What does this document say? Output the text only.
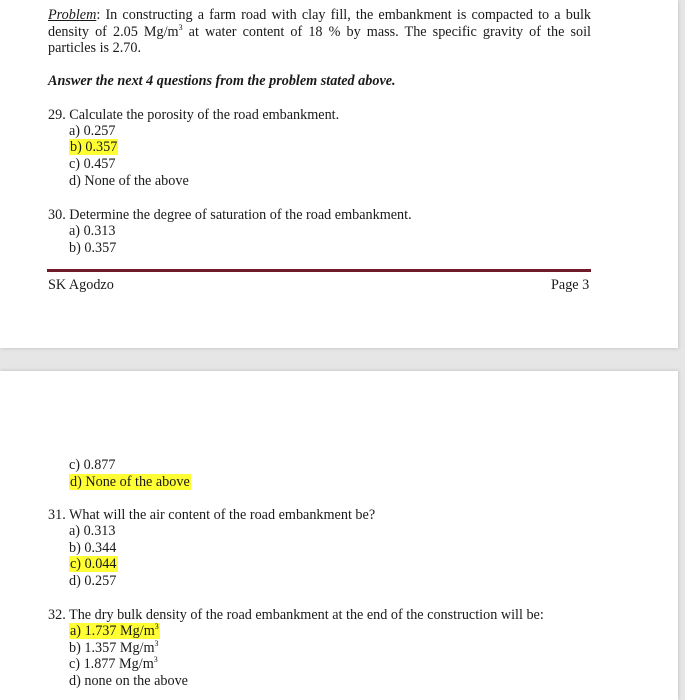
Problem: In constructing a farm road with clay fill, the embankment is compacted to a bulk density of 2.05 $Mg/m^3$ at water content of 18 % by mass. The specific gravity of the soil particles is 2.70.
Answer the next 4 questions from the problem stated above.
29. Calculate the porosity of the road embankment.
a) 0.257
b) 0.357
c) 0.457
d) None of the above
30. Determine the degree of saturation of the road embankment.
a) 0.313
b) 0.357
SK Agodzo	Page 3
c) 0.877
d) None of the above
31. What will the air content of the road embankment be?
a) 0.313
b) 0.344
c) 0.044
d) 0.257
32. The dry bulk density of the road embankment at the end of the construction will be:
a) 1.737 $Mg/m^3$
b) 1.357 $Mg/m^3$
c) 1.877 $Mg/m^3$
d) none on the above
